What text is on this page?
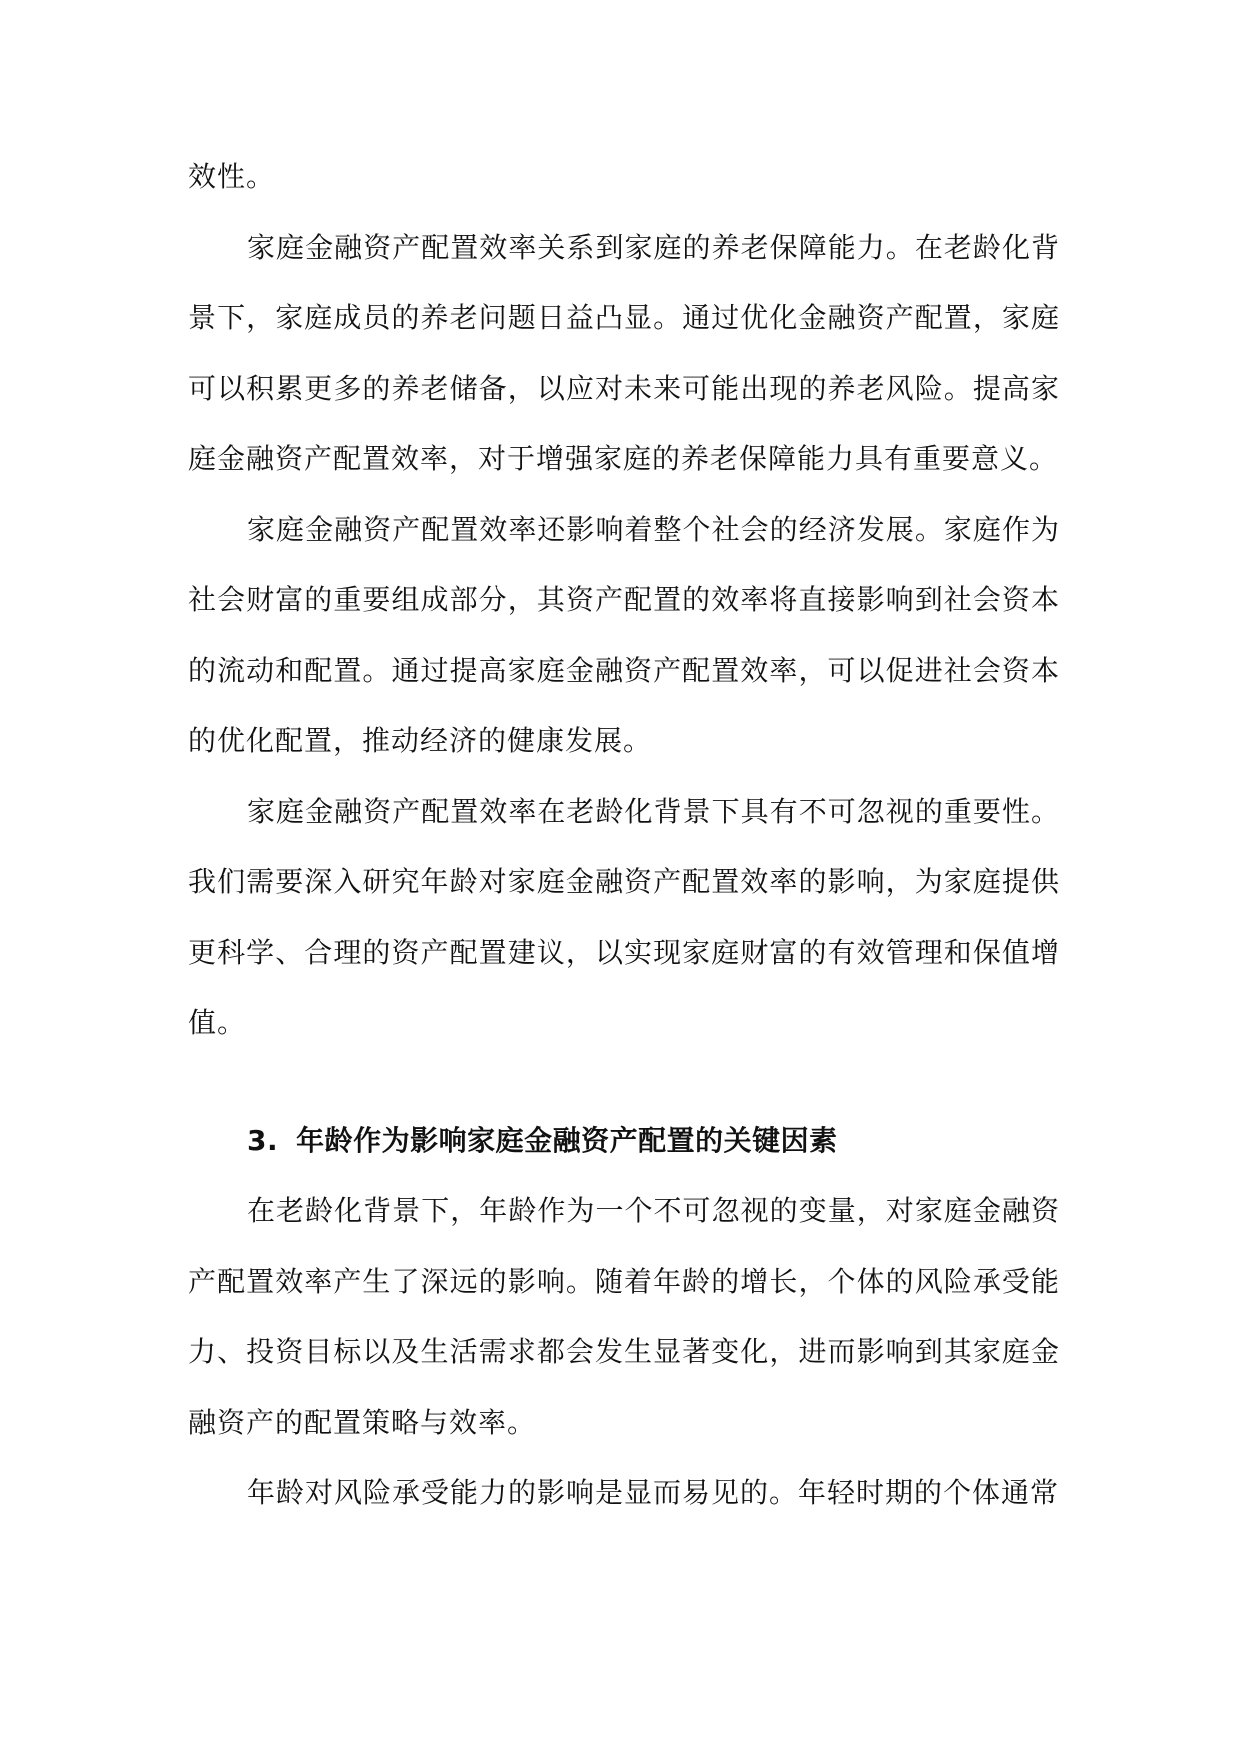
效性。

家庭金融资产配置效率关系到家庭的养老保障能力。在老龄化背景下，家庭成员的养老问题日益凸显。通过优化金融资产配置，家庭可以积累更多的养老储备，以应对未来可能出现的养老风险。提高家庭金融资产配置效率，对于增强家庭的养老保障能力具有重要意义。

家庭金融资产配置效率还影响着整个社会的经济发展。家庭作为社会财富的重要组成部分，其资产配置的效率将直接影响到社会资本的流动和配置。通过提高家庭金融资产配置效率，可以促进社会资本的优化配置，推动经济的健康发展。

家庭金融资产配置效率在老龄化背景下具有不可忽视的重要性。我们需要深入研究年龄对家庭金融资产配置效率的影响，为家庭提供更科学、合理的资产配置建议，以实现家庭财富的有效管理和保值增值。

3. 年龄作为影响家庭金融资产配置的关键因素

在老龄化背景下，年龄作为一个不可忽视的变量，对家庭金融资产配置效率产生了深远的影响。随着年龄的增长，个体的风险承受能力、投资目标以及生活需求都会发生显著变化，进而影响到其家庭金融资产的配置策略与效率。

年龄对风险承受能力的影响是显而易见的。年轻时期的个体通常
